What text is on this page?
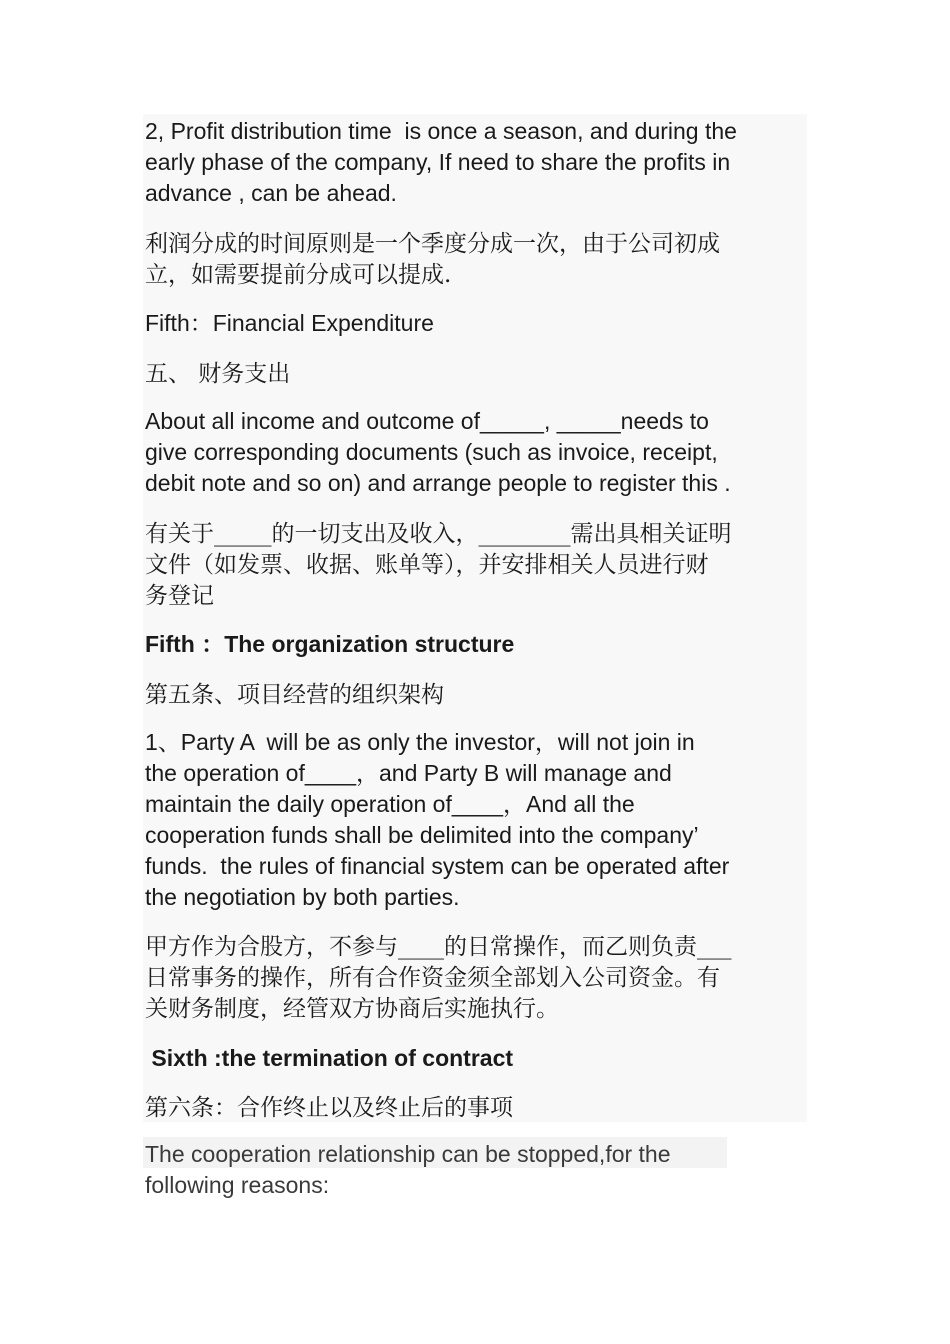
2, Profit distribution time  is once a season, and during the
early phase of the company, If need to share the profits in
advance , can be ahead.

利润分成的时间原则是一个季度分成一次，由于公司初成
立，如需要提前分成可以提成.

Fifth：Financial Expenditure

五、 财务支出

About all income and outcome of_____, _____needs to
give corresponding documents (such as invoice, receipt,
debit note and so on) and arrange people to register this .

有关于_____的一切支出及收入，________需出具相关证明
文件（如发票、收据、账单等），并安排相关人员进行财
务登记

Fifth ：The organization structure

第五条、项目经营的组织架构

1、Party A  will be as only the investor，will not join in
the operation of____，and Party B will manage and
maintain the daily operation of____，And all the
cooperation funds shall be delimited into the company’
funds.  the rules of financial system can be operated after
the negotiation by both parties.

甲方作为合股方，不参与____的日常操作，而乙则负责___
日常事务的操作，所有合作资金须全部划入公司资金。有
关财务制度，经管双方协商后实施执行。

Sixth :the termination of contract

第六条：合作终止以及终止后的事项

The cooperation relationship can be stopped,for the
following reasons:
